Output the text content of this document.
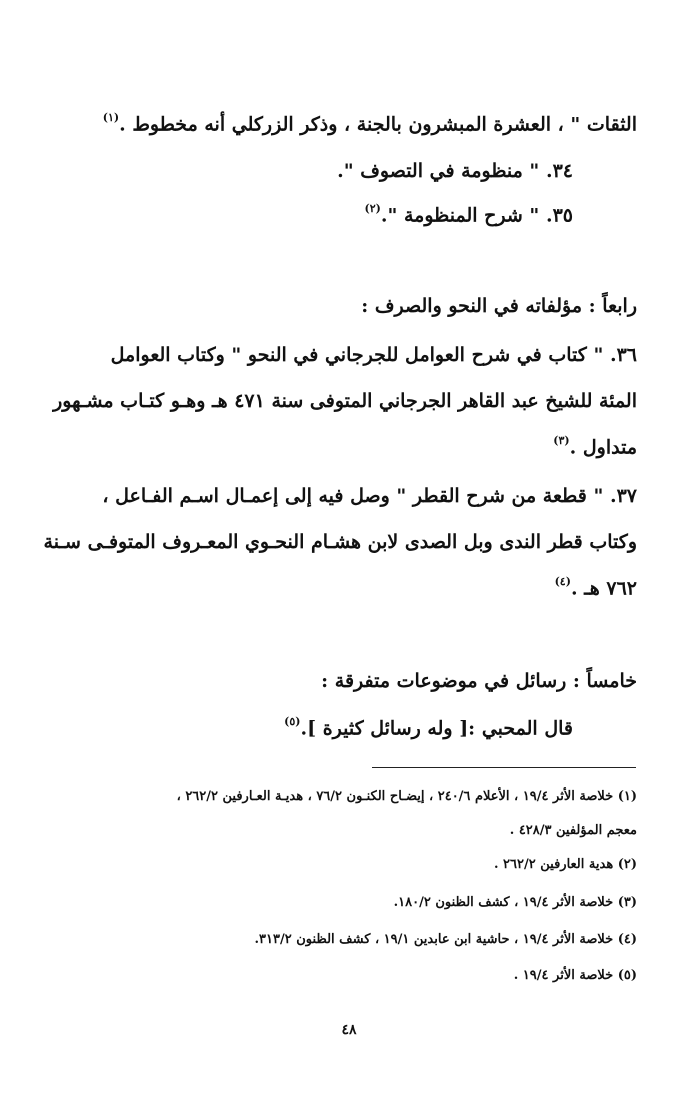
الثقات " ، العشرة المبشرون بالجنة ، وذكر الزركلي أنه مخطوط .$^{(١)}$
٣٤. " منظومة في التصوف ".
٣٥. " شرح المنظومة ".$^{(٢)}$
رابعاً : مؤلفاته في النحو والصرف :
٣٦. " كتاب في شرح العوامل للجرجاني في النحو " وكتاب العوامل
المئة للشيخ عبد القاهر الجرجاني المتوفى سنة ٤٧١ هـ وهـو كتـاب مشـهور
متداول .$^{(٣)}$
٣٧. " قطعة من شرح القطر " وصل فيه إلى إعمـال اسـم الفـاعل ،
وكتاب قطر الندى وبل الصدى لابن هشـام النحـوي المعـروف المتوفـى سـنة
٧٦٢ هـ .$^{(٤)}$
خامساً : رسائل في موضوعات متفرقة :
قال المحبي :[ وله رسائل كثيرة ].$^{(٥)}$
(١) خلاصة الأثر ١٩/٤ ، الأعلام ٢٤٠/٦ ، إيضـاح الكنـون ٧٦/٢ ، هديـة العـارفين ٢٦٢/٢ ،
معجم المؤلفين ٤٢٨/٣ .
(٢) هدية العارفين ٢٦٢/٢ .
(٣) خلاصة الأثر ١٩/٤ ، كشف الظنون ١٨٠/٢.
(٤) خلاصة الأثر ١٩/٤ ، حاشية ابن عابدين ١٩/١ ، كشف الظنون ٣١٣/٢.
(٥) خلاصة الأثر ١٩/٤ .
٤٨
